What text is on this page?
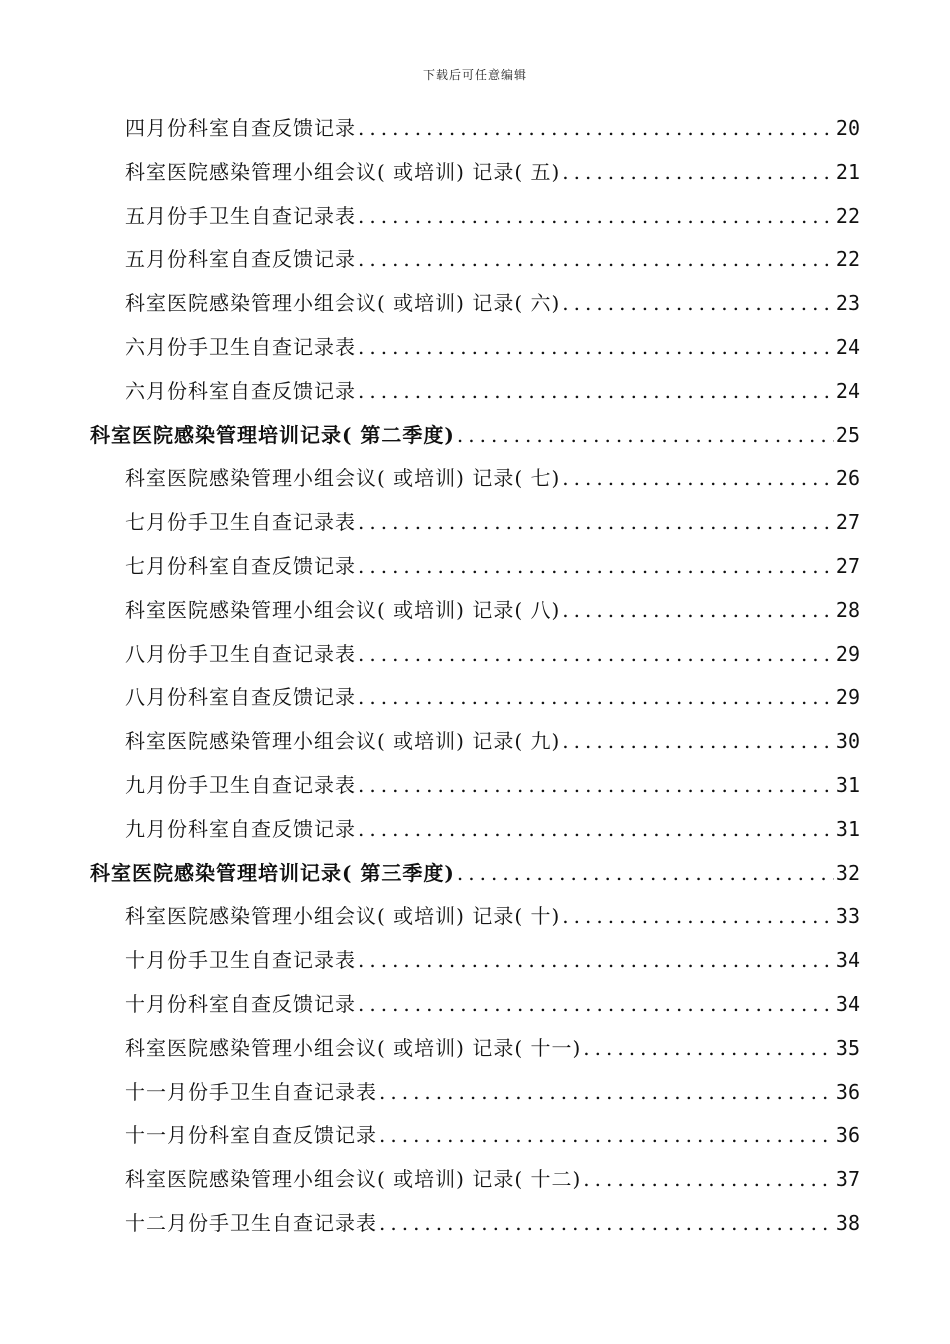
下载后可任意编辑
四月份科室自查反馈记录 .....	20
科室医院感染管理小组会议( 或培训) 记录( 五) .....	21
五月份手卫生自查记录表 .....	22
五月份科室自查反馈记录 .....	22
科室医院感染管理小组会议( 或培训) 记录( 六) .....	23
六月份手卫生自查记录表 .....	24
六月份科室自查反馈记录 .....	24
科室医院感染管理培训记录( 第二季度) .....	25
科室医院感染管理小组会议( 或培训) 记录( 七) .....	26
七月份手卫生自查记录表 .....	27
七月份科室自查反馈记录 .....	27
科室医院感染管理小组会议( 或培训) 记录( 八) .....	28
八月份手卫生自查记录表 .....	29
八月份科室自查反馈记录 .....	29
科室医院感染管理小组会议( 或培训) 记录( 九) .....	30
九月份手卫生自查记录表 .....	31
九月份科室自查反馈记录 .....	31
科室医院感染管理培训记录( 第三季度) .....	32
科室医院感染管理小组会议( 或培训) 记录( 十) .....	33
十月份手卫生自查记录表 .....	34
十月份科室自查反馈记录 .....	34
科室医院感染管理小组会议( 或培训) 记录( 十一) .....	35
十一月份手卫生自查记录表 .....	36
十一月份科室自查反馈记录 .....	36
科室医院感染管理小组会议( 或培训) 记录( 十二) .....	37
十二月份手卫生自查记录表 .....	38
